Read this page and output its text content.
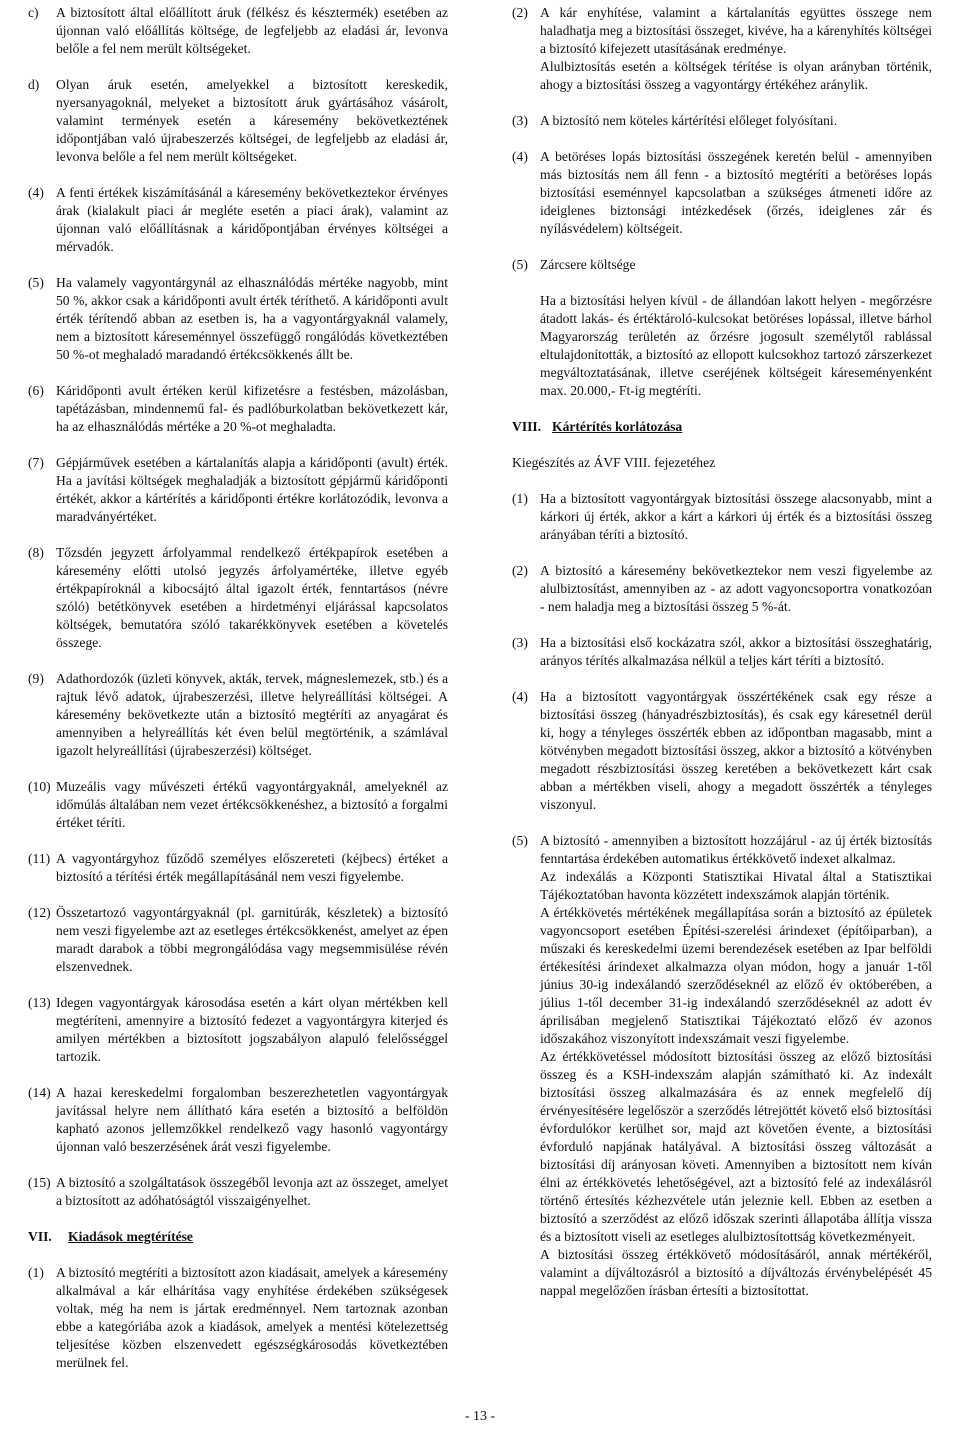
c)	A biztosított által előállított áruk (félkész és késztermék) esetében az újonnan való előállítás költsége, de legfeljebb az eladási ár, levonva belőle a fel nem merült költségeket.
d)	Olyan áruk esetén, amelyekkel a biztosított kereskedik, nyersanyagoknál, melyeket a biztosított áruk gyártásához vásárolt, valamint termények esetén a káresemény bekövetkeztének időpontjában való újrabeszerzés költségei, de legfeljebb az eladási ár, levonva belőle a fel nem merült költségeket.
(4) A fenti értékek kiszámításánál a káresemény bekövetkeztekor érvényes árak (kialakult piaci ár megléte esetén a piaci árak), valamint az újonnan való előállításnak a káridőpontjában érvényes költségei a mérvadók.
(5) Ha valamely vagyontárgynál az elhasználódás mértéke nagyobb, mint 50 %, akkor csak a káridőponti avult érték téríthető. A káridőponti avult érték térítendő abban az esetben is, ha a vagyontárgyaknál valamely, nem a biztosított káreseménnyel összefüggő rongálódás következtében 50 %-ot meghaladó maradandó értékcsökkenés állt be.
(6) Káridőponti avult értéken kerül kifizetésre a festésben, mázolásban, tapétázásban, mindennemű fal- és padlóburkolatban bekövetkezett kár, ha az elhasználódás mértéke a 20 %-ot meghaladta.
(7) Gépjárművek esetében a kártalanítás alapja a káridőponti (avult) érték. Ha a javítási költségek meghaladják a biztosított gépjármű káridőponti értékét, akkor a kártérítés a káridőponti értékre korlátozódik, levonva a maradványértéket.
(8) Tőzsdén jegyzett árfolyammal rendelkező értékpapírok esetében a káresemény előtti utolsó jegyzés árfolyamértéke, illetve egyéb értékpapíroknál a kibocsájtó által igazolt érték, fenntartásos (névre szóló) betétkönyvek esetében a hirdetményi eljárással kapcsolatos költségek, bemutatóra szóló takarékkönyvek esetében a követelés összege.
(9) Adathordozók (üzleti könyvek, akták, tervek, mágneslemezek, stb.) és a rajtuk lévő adatok, újrabeszerzési, illetve helyreállítási költségei. A káresemény bekövetkezte után a biztosító megtéríti az anyagárat és amennyiben a helyreállítás két éven belül megtörténik, a számlával igazolt helyreállítási (újrabeszerzési) költséget.
(10) Muzeális vagy művészeti értékű vagyontárgyaknál, amelyeknél az időmúlás általában nem vezet értékcsökkenéshez, a biztosító a forgalmi értéket téríti.
(11) A vagyontárgyhoz fűződő személyes előszereteti (kéjbecs) értéket a biztosító a térítési érték megállapításánál nem veszi figyelembe.
(12) Összetartozó vagyontárgyaknál (pl. garnitúrák, készletek) a biztosító nem veszi figyelembe azt az esetleges értékcsökkenést, amelyet az épen maradt darabok a többi megrongálódása vagy megsemmisülése révén elszenvednek.
(13) Idegen vagyontárgyak károsodása esetén a kárt olyan mértékben kell megtéríteni, amennyire a biztosító fedezet a vagyontárgyra kiterjed és amilyen mértékben a biztosított jogszabályon alapuló felelősséggel tartozik.
(14) A hazai kereskedelmi forgalomban beszerezhetetlen vagyontárgyak javítással helyre nem állítható kára esetén a biztosító a belföldön kapható azonos jellemzőkkel rendelkező vagy hasonló vagyontárgy újonnan való beszerzésének árát veszi figyelembe.
(15) A biztosító a szolgáltatások összegéből levonja azt az összeget, amelyet a biztosított az adóhatóságtól visszaigényelhet.
VII. Kiadások megtérítése
(1) A biztosító megtéríti a biztosított azon kiadásait, amelyek a káresemény alkalmával a kár elhárítása vagy enyhítése érdekében szükségesek voltak, még ha nem is jártak eredménnyel. Nem tartoznak azonban ebbe a kategóriába azok a kiadások, amelyek a mentési kötelezettség teljesítése közben elszenvedett egészségkárosodás következtében merülnek fel.
(2) A kár enyhítése, valamint a kártalanítás együttes összege nem haladhatja meg a biztosítási összeget, kivéve, ha a kárenyhítés költségei a biztosító kifejezett utasításának eredménye.

Alulbiztosítás esetén a költségek térítése is olyan arányban történik, ahogy a biztosítási összeg a vagyontárgy értékéhez aránylik.

(3) A biztosító nem köteles kártérítési előleget folyósítani.
(4) A betöréses lopás biztosítási összegének keretén belül - amennyiben más biztosítás nem áll fenn - a biztosító megtéríti a betöréses lopás biztosítási eseménnyel kapcsolatban a szükséges átmeneti időre az ideiglenes biztonsági intézkedések (őrzés, ideiglenes zár és nyílásvédelem) költségeit.
(5) Zárcsere költsége

Ha a biztosítási helyen kívül - de állandóan lakott helyen - megőrzésre átadott lakás- és értéktároló-kulcsokat betöréses lopással, illetve bárhol Magyarország területén az őrzésre jogosult személytől rablással eltulajdonították, a biztosító az ellopott kulcsokhoz tartozó zárszerkezet megváltoztatásának, illetve cseréjének költségeit káreseményenként max. 20.000,- Ft-ig megtéríti.

VIII. Kártérítés korlátozása
Kiegészítés az ÁVF VIII. fejezetéhez
(1) Ha a biztosított vagyontárgyak biztosítási összege alacsonyabb, mint a kárkori új érték, akkor a kárt a kárkori új érték és a biztosítási összeg arányában téríti a biztosító.
(2) A biztosító a káresemény bekövetkeztekor nem veszi figyelembe az alulbiztosítást, amennyiben az - az adott vagyoncsoportra vonatkozóan - nem haladja meg a biztosítási összeg 5 %-át.
(3) Ha a biztosítási első kockázatra szól, akkor a biztosítási összeghatárig, arányos térítés alkalmazása nélkül a teljes kárt téríti a biztosító.
(4) Ha a biztosított vagyontárgyak összértékének csak egy része a biztosítási összeg (hányadrészbiztosítás), és csak egy káresetnél derül ki, hogy a tényleges összérték ebben az időpontban magasabb, mint a kötvényben megadott biztosítási összeg, akkor a biztosító a kötvényben megadott részbiztosítási összeg keretében a bekövetkezett kárt csak abban a mértékben viseli, ahogy a megadott összérték a tényleges viszonyul.
(5) A biztosító - amennyiben a biztosított hozzájárul - az új érték biztosítás fenntartása érdekében automatikus értékkövető indexet alkalmaz.

Az indexálás a Központi Statisztikai Hivatal által a Statisztikai Tájékoztatóban havonta közzétett indexszámok alapján történik.

A értékkövetés mértékének megállapítása során a biztosító az épületek vagyoncsoport esetében Építési-szerelési árindexet (építőiparban), a műszaki és kereskedelmi üzemi berendezések esetében az Ipar belföldi értékesítési árindexet alkalmazza olyan módon, hogy a január 1-től június 30-ig indexálandó szerződéseknél az előző év októberében, a július 1-től december 31-ig indexálandó szerződéseknél az adott év áprilisában megjelenő Statisztikai Tájékoztató előző év azonos időszakához viszonyított indexszámait veszi figyelembe.

Az értékkövetéssel módosított biztosítási összeg az előző biztosítási összeg és a KSH-indexszám alapján számítható ki. Az indexált biztosítási összeg alkalmazására és az ennek megfelelő díj érvényesítésére legelőször a szerződés létrejöttét követő első biztosítási évfordulókor kerülhet sor, majd azt követően évente, a biztosítási évforduló napjának hatályával. A biztosítási összeg változását a biztosítási díj arányosan követi. Amennyiben a biztosított nem kíván élni az értékkövetés lehetőségével, azt a biztosító felé az indexálásról történő értesítés kézhezvétele után jeleznie kell. Ebben az esetben a biztosító a szerződést az előző időszak szerinti állapotába állítja vissza és a biztosított viseli az esetleges alulbiztosítottság következményeit.

A biztosítási összeg értékkövető módosításáról, annak mértékéről, valamint a díjváltozásról a biztosító a díjváltozás érvénybelépését 45 nappal megelőzően írásban értesíti a biztosítottat.

- 13 -
